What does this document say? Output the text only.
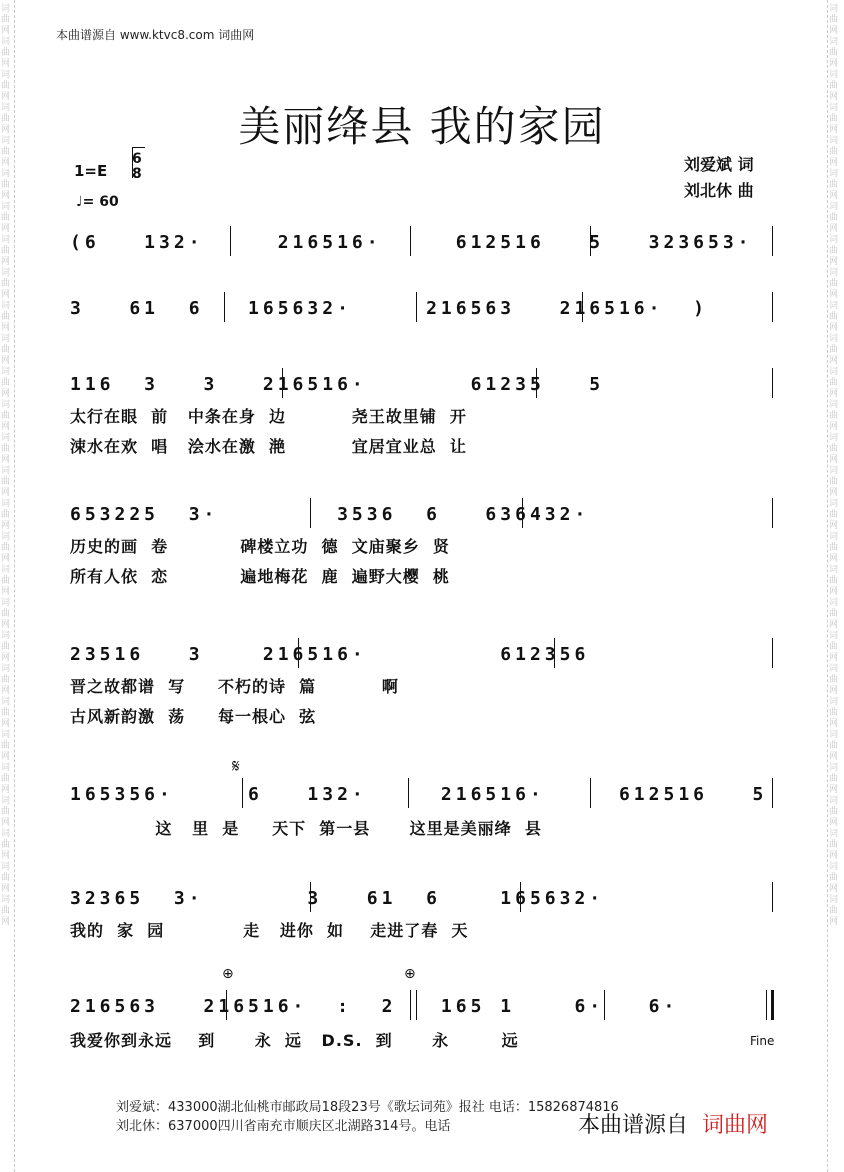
词曲网词曲网词曲网词曲网词曲网词曲网词曲网词曲网词曲网词曲网词曲网词曲网词曲网词曲网词曲网词曲网词曲网词曲网词曲网词曲网词曲网词曲网词曲网词曲网词曲网词曲网词曲网词曲网
词曲网词曲网词曲网词曲网词曲网词曲网词曲网词曲网词曲网词曲网词曲网词曲网词曲网词曲网词曲网词曲网词曲网词曲网词曲网词曲网词曲网词曲网词曲网词曲网词曲网词曲网词曲网词曲网
本曲谱源自 www.ktvc8.com 词曲网
美丽绛县 我的家园
1=E
6
8
♩= 60
刘爱斌 词
刘北休 曲
(6   132·     216516·     612516   5   323653·
3   61  6   165632·     216563   216516·  )
116  3   3   216516·       61235   5
太行在眼  前   中条在身  边          尧王故里铺  开
涑水在欢  唱   浍水在激  滟          宜居宜业总  让
653225  3·        3536  6   636432·
历史的画  卷           碑楼立功  德  文庙聚乡  贤
所有人依  恋           遍地梅花  鹿  遍野大樱  桃
23516   3    216516·         612356
晋之故都谱  写     不朽的诗  篇          啊
古风新韵激  荡     每一根心  弦
𝄋
165356·     6   132·     216516·     612516   5
这   里  是     天下  第一县      这里是美丽绛  县
32365  3·       3   61  6    165632·
我的  家  园            走   进你  如    走进了春  天
⊕	⊕
216563   216516·  :  2   165 1    6·   6·
我爱你到永远    到      永  远   D.S.  到      永        远	Fine
刘爱斌：433000湖北仙桃市邮政局18段23号《歌坛词苑》报社 电话：15826874816
刘北休：637000四川省南充市顺庆区北湖路314号。电话	本曲谱源自 词曲网
